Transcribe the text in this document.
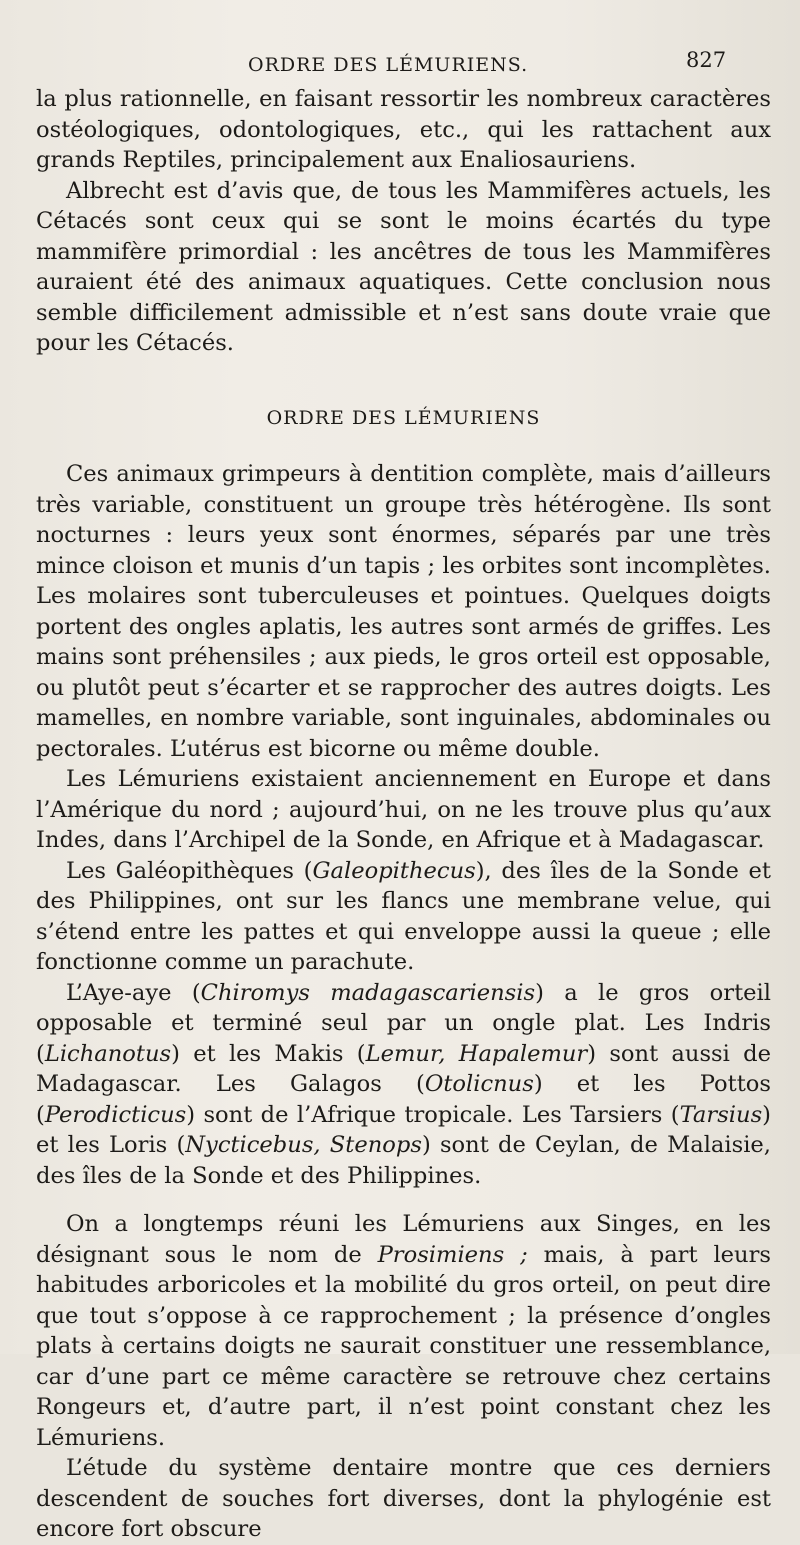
ORDRE DES LÉMURIENS.	827

la plus rationnelle, en faisant ressortir les nombreux caractères ostéologiques, odontologiques, etc., qui les rattachent aux grands Reptiles, principalement aux Enaliosauriens.

Albrecht est d’avis que, de tous les Mammifères actuels, les Cétacés sont ceux qui se sont le moins écartés du type mammifère primordial : les ancêtres de tous les Mammifères auraient été des animaux aquatiques. Cette conclusion nous semble difficilement admissible et n’est sans doute vraie que pour les Cétacés.

ORDRE DES LÉMURIENS

Ces animaux grimpeurs à dentition complète, mais d’ailleurs très variable, constituent un groupe très hétérogène. Ils sont nocturnes : leurs yeux sont énormes, séparés par une très mince cloison et munis d’un tapis ; les orbites sont incomplètes. Les molaires sont tuberculeuses et pointues. Quelques doigts portent des ongles aplatis, les autres sont armés de griffes. Les mains sont préhensiles ; aux pieds, le gros orteil est opposable, ou plutôt peut s’écarter et se rapprocher des autres doigts. Les mamelles, en nombre variable, sont inguinales, abdominales ou pectorales. L’utérus est bicorne ou même double.

Les Lémuriens existaient anciennement en Europe et dans l’Amérique du nord ; aujourd’hui, on ne les trouve plus qu’aux Indes, dans l’Archipel de la Sonde, en Afrique et à Madagascar.

Les Galéopithèques (Galeopithecus), des îles de la Sonde et des Philippines, ont sur les flancs une membrane velue, qui s’étend entre les pattes et qui enveloppe aussi la queue ; elle fonctionne comme un parachute.

L’Aye-aye (Chiromys madagascariensis) a le gros orteil opposable et terminé seul par un ongle plat. Les Indris (Lichanotus) et les Makis (Lemur, Hapalemur) sont aussi de Madagascar. Les Galagos (Otolicnus) et les Pottos (Perodicticus) sont de l’Afrique tropicale. Les Tarsiers (Tarsius) et les Loris (Nycticebus, Stenops) sont de Ceylan, de Malaisie, des îles de la Sonde et des Philippines.

On a longtemps réuni les Lémuriens aux Singes, en les désignant sous le nom de Prosimiens ; mais, à part leurs habitudes arboricoles et la mobilité du gros orteil, on peut dire que tout s’oppose à ce rapprochement ; la présence d’ongles plats à certains doigts ne saurait constituer une ressemblance, car d’une part ce même caractère se retrouve chez certains Rongeurs et, d’autre part, il n’est point constant chez les Lémuriens.

L’étude du système dentaire montre que ces derniers descendent de souches fort diverses, dont la phylogénie est encore fort obscure
